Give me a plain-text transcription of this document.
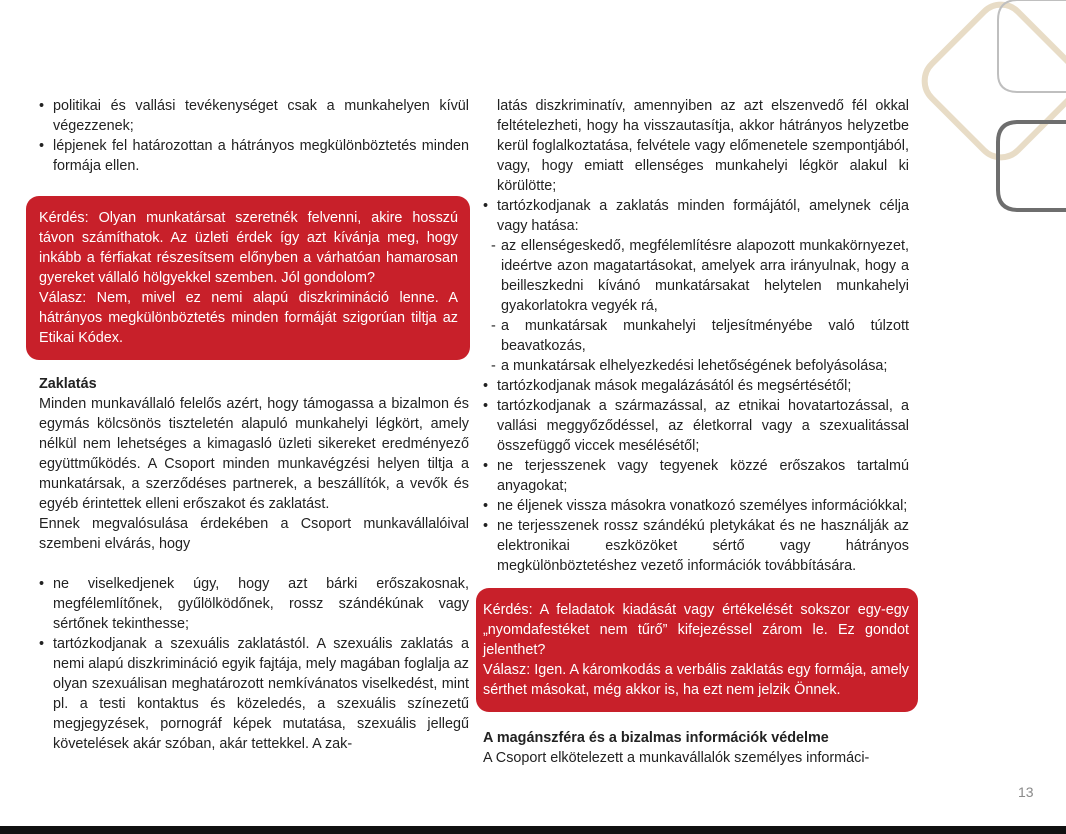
• politikai és vallási tevékenységet csak a munkahelyen kívül végezzenek;

• lépjenek fel határozottan a hátrányos megkülönböztetés minden formája ellen.

Kérdés: Olyan munkatársat szeretnék felvenni, akire hosszú távon számíthatok. Az üzleti érdek így azt kívánja meg, hogy inkább a férfiakat részesítsem előnyben a várhatóan hamarosan gyereket vállaló hölgyekkel szemben. Jól gondolom?

Válasz: Nem, mivel ez nemi alapú diszkrimináció lenne. A hátrányos megkülönböztetés minden formáját szigorúan tiltja az Etikai Kódex.

Zaklatás

Minden munkavállaló felelős azért, hogy támogassa a bizalmon és egymás kölcsönös tiszteletén alapuló munkahelyi légkört, amely nélkül nem lehetséges a kimagasló üzleti sikereket eredményező együttműködés. A Csoport minden munkavégzési helyen tiltja a munkatársak, a szerződéses partnerek, a beszállítók, a vevők és egyéb érintettek elleni erőszakot és zaklatást.

Ennek megvalósulása érdekében a Csoport munkavállalóival szembeni elvárás, hogy

• ne viselkedjenek úgy, hogy azt bárki erőszakosnak, megfélemlítőnek, gyűlölködőnek, rossz szándékúnak vagy sértőnek tekinthesse;

• tartózkodjanak a szexuális zaklatástól. A szexuális zaklatás a nemi alapú diszkrimináció egyik fajtája, mely magában foglalja az olyan szexuálisan meghatározott nemkívánatos viselkedést, mint pl. a testi kontaktus és közeledés, a szexuális színezetű megjegyzések, pornográf képek mutatása, szexuális jellegű követelések akár szóban, akár tettekkel. A zak-

latás diszkriminatív, amennyiben az azt elszenvedő fél okkal feltételezheti, hogy ha visszautasítja, akkor hátrányos helyzetbe kerül foglalkoztatása, felvétele vagy előmenetele szempontjából, vagy, hogy emiatt ellenséges munkahelyi légkör alakul ki körülötte;

• tartózkodjanak a zaklatás minden formájától, amelynek célja vagy hatása:

- az ellenségeskedő, megfélemlítésre alapozott munkakörnyezet, ideértve azon magatartásokat, amelyek arra irányulnak, hogy a beilleszkedni kívánó munkatársakat helytelen munkahelyi gyakorlatokra vegyék rá,

- a munkatársak munkahelyi teljesítményébe való túlzott beavatkozás,

- a munkatársak elhelyezkedési lehetőségének befolyásolása;

• tartózkodjanak mások megalázásától és megsértésétől;

• tartózkodjanak a származással, az etnikai hovatartozással, a vallási meggyőződéssel, az életkorral vagy a szexualitással összefüggő viccek mesélésétől;

• ne terjesszenek vagy tegyenek közzé erőszakos tartalmú anyagokat;

• ne éljenek vissza másokra vonatkozó személyes információkkal;

• ne terjesszenek rossz szándékú pletykákat és ne használják az elektronikai eszközöket sértő vagy hátrányos megkülönböztetéshez vezető információk továbbítására.

Kérdés: A feladatok kiadását vagy értékelését sokszor egy-egy „nyomdafestéket nem tűrő” kifejezéssel zárom le. Ez gondot jelenthet?

Válasz: Igen. A káromkodás a verbális zaklatás egy formája, amely sérthet másokat, még akkor is, ha ezt nem jelzik Önnek.

A magánszféra és a bizalmas információk védelme

A Csoport elkötelezett a munkavállalók személyes informáci-

13
